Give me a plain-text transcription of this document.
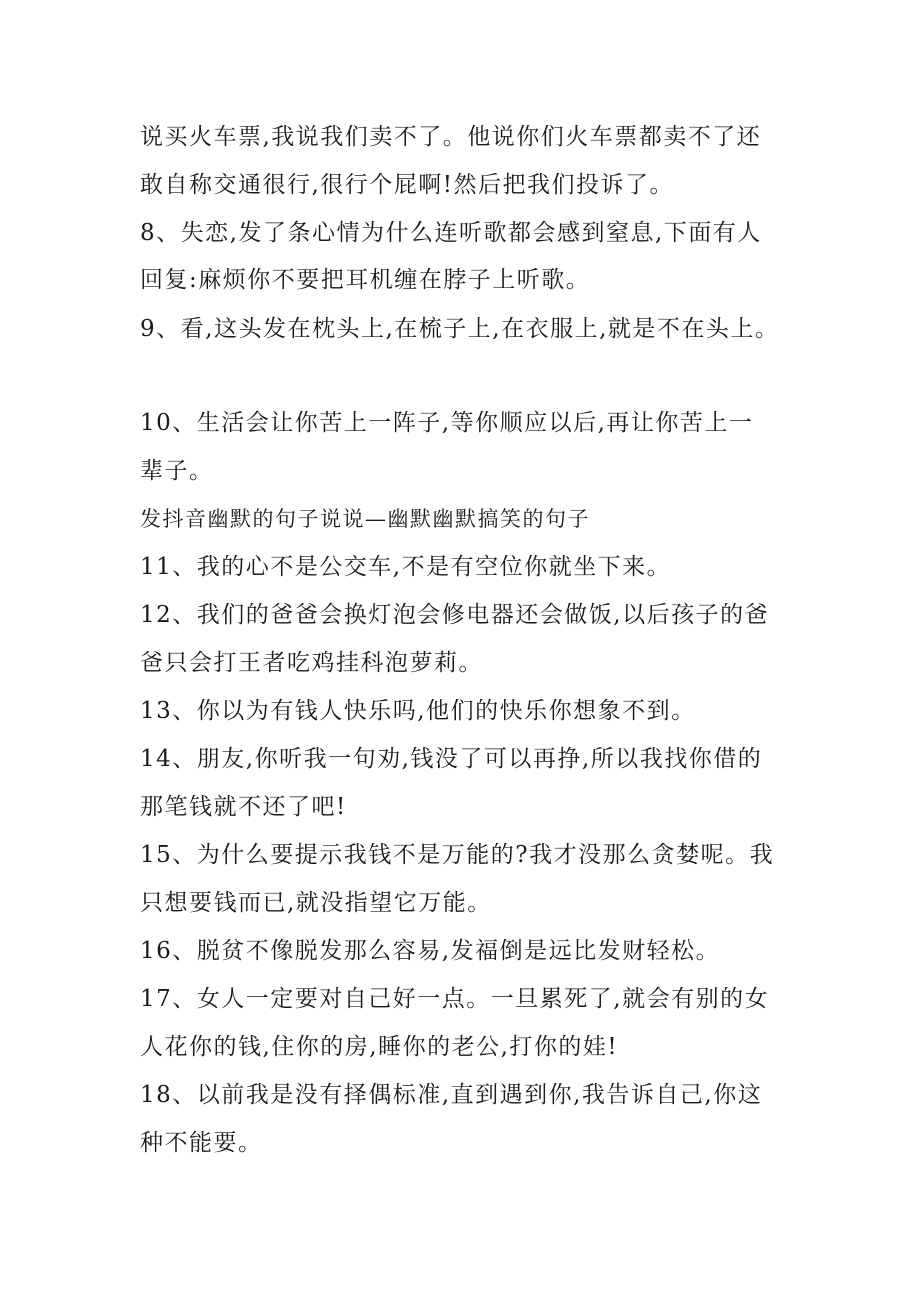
说买火车票,我说我们卖不了。他说你们火车票都卖不了还
敢自称交通很行,很行个屁啊!然后把我们投诉了。
8、失恋,发了条心情为什么连听歌都会感到窒息,下面有人
回复:麻烦你不要把耳机缠在脖子上听歌。
9、看,这头发在枕头上,在梳子上,在衣服上,就是不在头上。
10、生活会让你苦上一阵子,等你顺应以后,再让你苦上一
辈子。
发抖音幽默的句子说说—幽默幽默搞笑的句子
11、我的心不是公交车,不是有空位你就坐下来。
12、我们的爸爸会换灯泡会修电器还会做饭,以后孩子的爸
爸只会打王者吃鸡挂科泡萝莉。
13、你以为有钱人快乐吗,他们的快乐你想象不到。
14、朋友,你听我一句劝,钱没了可以再挣,所以我找你借的
那笔钱就不还了吧!
15、为什么要提示我钱不是万能的?我才没那么贪婪呢。我
只想要钱而已,就没指望它万能。
16、脱贫不像脱发那么容易,发福倒是远比发财轻松。
17、女人一定要对自己好一点。一旦累死了,就会有别的女
人花你的钱,住你的房,睡你的老公,打你的娃!
18、以前我是没有择偶标准,直到遇到你,我告诉自己,你这
种不能要。
